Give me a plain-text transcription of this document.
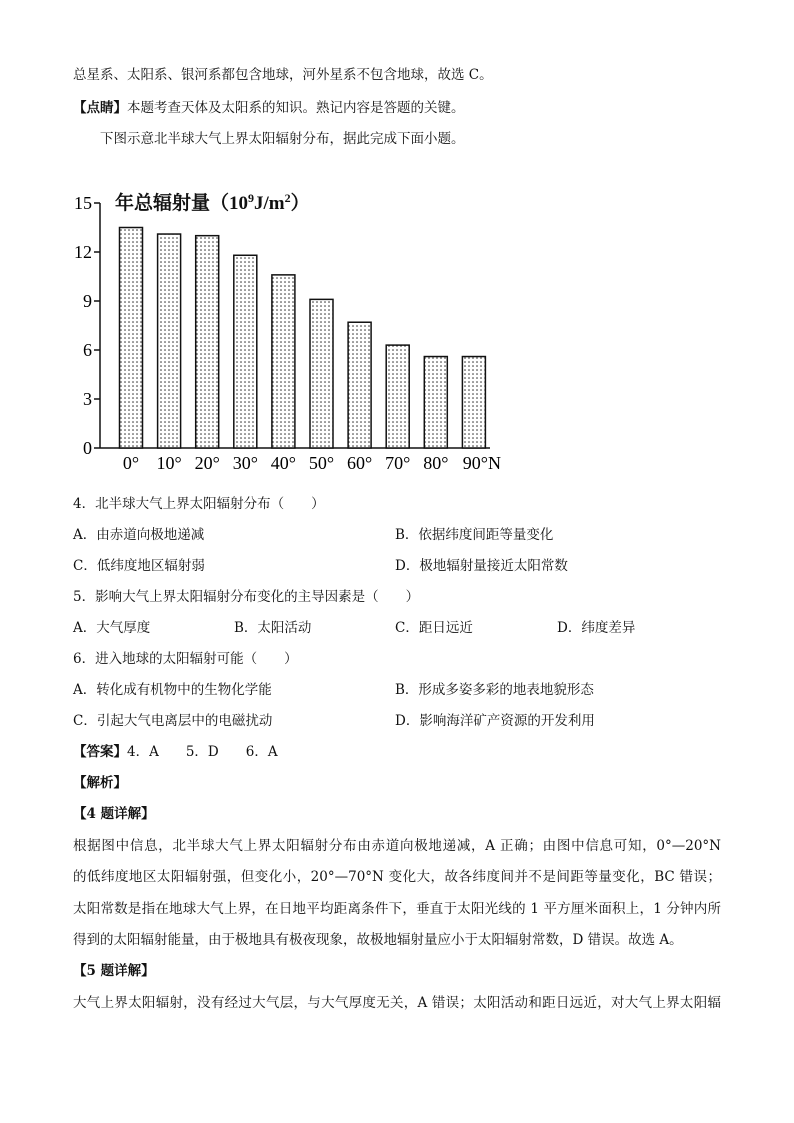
总星系、太阳系、银河系都包含地球，河外星系不包含地球，故选 C。
【点睛】本题考查天体及太阳系的知识。熟记内容是答题的关键。
下图示意北半球大气上界太阳辐射分布，据此完成下面小题。
年总辐射量$(10^9J/m^2)$
0
3
6
9
12
15
0° 10° 20° 30° 40° 50° 60° 70° 80° 90°N
4．北半球大气上界太阳辐射分布（　　）
A．由赤道向极地递减	B．依据纬度间距等量变化
C．低纬度地区辐射弱	D．极地辐射量接近太阳常数
5．影响大气上界太阳辐射分布变化的主导因素是（　　）
A．大气厚度	B．太阳活动	C．距日远近	D．纬度差异
6．进入地球的太阳辐射可能（　　）
A．转化成有机物中的生物化学能	B．形成多姿多彩的地表地貌形态
C．引起大气电离层中的电磁扰动	D．影响海洋矿产资源的开发利用
【答案】4．A　　5．D　　6．A
【解析】
【4 题详解】
根据图中信息，北半球大气上界太阳辐射分布由赤道向极地递减，A 正确；由图中信息可知，0°—20°N
的低纬度地区太阳辐射强，但变化小，20°—70°N 变化大，故各纬度间并不是间距等量变化，BC 错误；
太阳常数是指在地球大气上界，在日地平均距离条件下，垂直于太阳光线的 1 平方厘米面积上，1 分钟内所
得到的太阳辐射能量，由于极地具有极夜现象，故极地辐射量应小于太阳辐射常数，D 错误。故选 A。
【5 题详解】
大气上界太阳辐射，没有经过大气层，与大气厚度无关，A 错误；太阳活动和距日远近，对大气上界太阳辐
